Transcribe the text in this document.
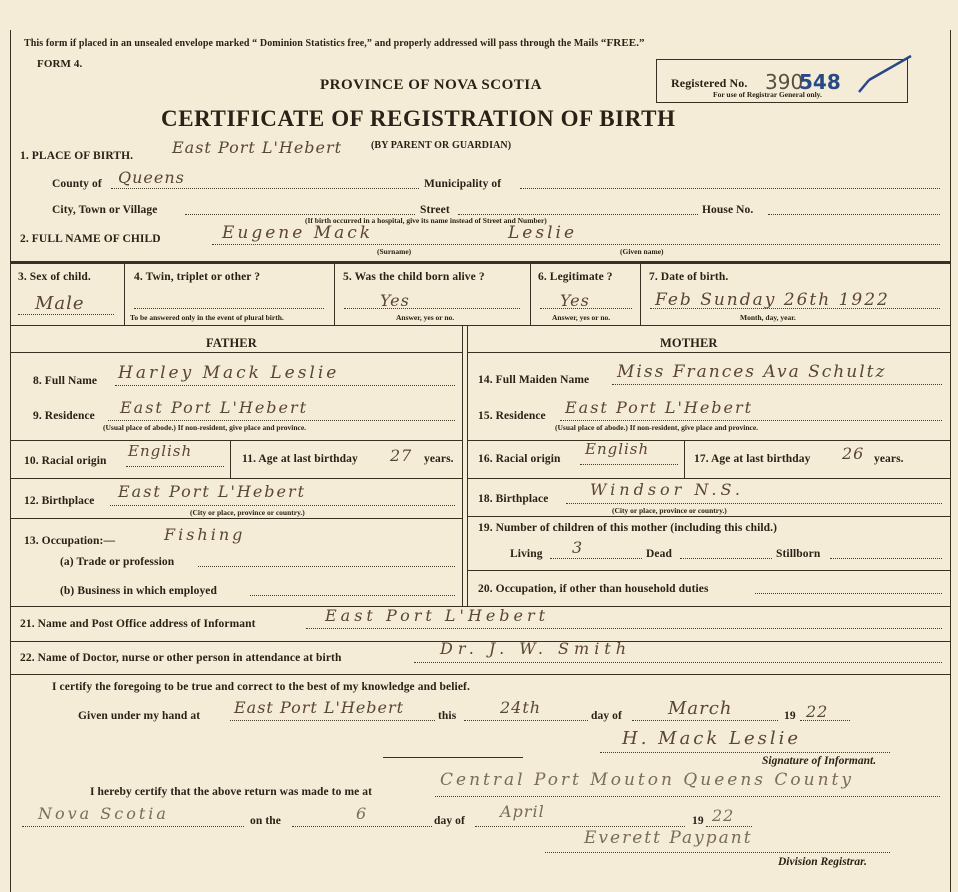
This form if placed in an unsealed envelope marked “ Dominion Statistics free,” and properly addressed will pass through the Mails “FREE.”
FORM 4.
PROVINCE OF NOVA SCOTIA
CERTIFICATE OF REGISTRATION OF BIRTH
Registered No. 390
548
For use of Registrar General only.
1. PLACE OF BIRTH. East Port L'Hebert	(BY PARENT OR GUARDIAN)
County of Queens	Municipality of
City, Town or Village	Street	House No.
(If birth occurred in a hospital, give its name instead of Street and Number)
2. FULL NAME OF CHILD	Eugene Mack	Leslie
(Surname)	(Given name)
3. Sex of child.
Male
4. Twin, triplet or other ?
To be answered only in the event of plural birth.
5. Was the child born alive ?
Yes
Answer, yes or no.
6. Legitimate ?
Yes
Answer, yes or no.
7. Date of birth.
Feb Sunday 26th 1922
Month, day, year.
FATHER	MOTHER
8. Full Name Harley Mack Leslie
9. Residence East Port L'Hebert
(Usual place of abode.) If non-resident, give place and province.
10. Racial origin
English	11. Age at last birthday 27 years.
12. Birthplace East Port L'Hebert
(City or place, province or country.)
13. Occupation:—	Fishing
(a) Trade or profession
(b) Business in which employed
14. Full Maiden Name Miss Frances Ava Schultz
15. Residence East Port L'Hebert
(Usual place of abode.) If non-resident, give place and province.
16. Racial origin
English
17. Age at last birthday 26 years.
18. Birthplace	Windsor N.S.
(City or place, province or country.)
19. Number of children of this mother (including this child.)
Living 3	Dead	Stillborn
20. Occupation, if other than household duties
21. Name and Post Office address of Informant	East Port L'Hebert
22. Name of Doctor, nurse or other person in attendance at birth	Dr. J. W. Smith
I certify the foregoing to be true and correct to the best of my knowledge and belief.
Given under my hand at East Port L'Hebert	this	24th	day of	March	19 22
H. Mack Leslie
Signature of Informant.
I hereby certify that the above return was made to me at
Central Port Mouton Queens County
Nova Scotia	on the	6	day of April	19 22
Everett Paypant
Division Registrar.
